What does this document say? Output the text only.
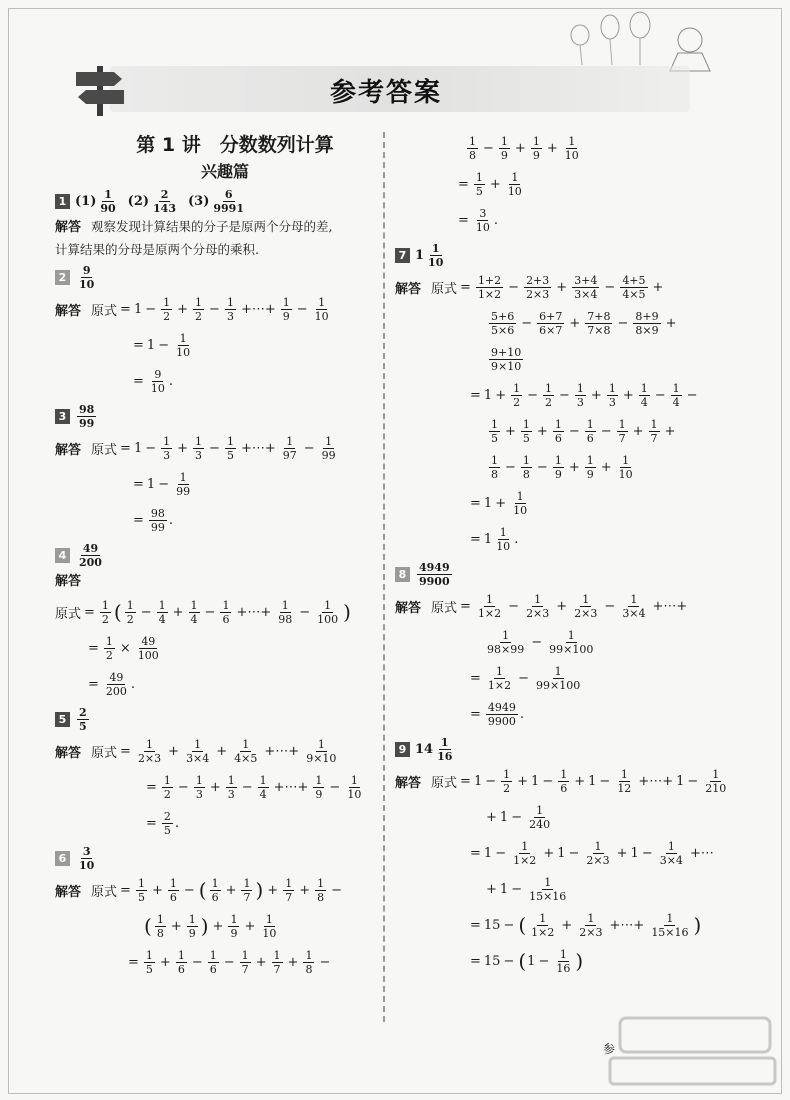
参考答案
第 1 讲　分数数列计算
兴趣篇
1 $(1) \frac{1}{90} (2) \frac{2}{143} (3) \frac{6}{9991}$
解答 观察发现计算结果的分子是原两个分母的差,
计算结果的分母是原两个分母的乘积.
$2 \frac{9}{10}$
解答 原式 = $1 - \frac{1}{2} + \frac{1}{2} - \frac{1}{3}$ +⋯+ $\frac{1}{9} - \frac{1}{10}$
= $1 - \frac{1}{10}$
= $\frac{9}{10}$ .
$3 \frac{98}{99}$
解答 原式 = $1 - \frac{1}{3} + \frac{1}{3} - \frac{1}{5}$ +⋯+ $\frac{1}{97} - \frac{1}{99}$
= $1 - \frac{1}{99}$
= $\frac{98}{99}$ .
$4 \frac{49}{200}$
解答
原式 = $\frac{1}{2}$ ( $\frac{1}{2} - \frac{1}{4} + \frac{1}{4} - \frac{1}{6}$ +⋯+ $\frac{1}{98} - \frac{1}{100}$ )
= $\frac{1}{2} \times \frac{49}{100}$
= $\frac{49}{200}$ .
$5 \frac{2}{5}$
解答 原式 = $\frac{1}{2\times 3} + \frac{1}{3\times 4} + \frac{1}{4\times 5}$ +⋯+ $\frac{1}{9\times 10}$
= $\frac{1}{2} - \frac{1}{3} + \frac{1}{3} - \frac{1}{4}$ +⋯+ $\frac{1}{9} - \frac{1}{10}$
= $\frac{2}{5}$ .
$6 \frac{3}{10}$
解答 原式 = $\frac{1}{5} + \frac{1}{6}$ − ( $\frac{1}{6} + \frac{1}{7}$ ) + $\frac{1}{7} + \frac{1}{8}$ −
( $\frac{1}{8} + \frac{1}{9}$ ) + $\frac{1}{9} + \frac{1}{10}$
= $\frac{1}{5} + \frac{1}{6} - \frac{1}{6} - \frac{1}{7} + \frac{1}{7} + \frac{1}{8}$ −
$\frac{1}{8} - \frac{1}{9} + \frac{1}{9} + \frac{1}{10}$
= $\frac{1}{5} + \frac{1}{10}$
= $\frac{3}{10}$ .
7 $1 \frac{1}{10}$
解答 原式 = $\frac{1+2}{1\times 2} - \frac{2+3}{2\times 3} + \frac{3+4}{3\times 4} - \frac{4+5}{4\times 5}$ +
$\frac{5+6}{5\times 6} - \frac{6+7}{6\times 7} + \frac{7+8}{7\times 8} - \frac{8+9}{8\times 9}$ +
$\frac{9+10}{9\times 10}$
= $1 + \frac{1}{2} - \frac{1}{2} - \frac{1}{3} + \frac{1}{3} + \frac{1}{4} - \frac{1}{4}$ −
$\frac{1}{5} + \frac{1}{5} + \frac{1}{6} - \frac{1}{6} - \frac{1}{7} + \frac{1}{7}$ +
$\frac{1}{8} - \frac{1}{8} - \frac{1}{9} + \frac{1}{9} + \frac{1}{10}$
= $1 + \frac{1}{10}$
= $1 \frac{1}{10}$ .
$8 \frac{4949}{9900}$
解答 原式 = $\frac{1}{1\times 2} - \frac{1}{2\times 3} + \frac{1}{2\times 3} - \frac{1}{3\times 4}$ +⋯+
$\frac{1}{98\times 99} - \frac{1}{99\times 100}$
= $\frac{1}{1\times 2} - \frac{1}{99\times 100}$
= $\frac{4949}{9900}$ .
9 $14 \frac{1}{16}$
解答 原式 = $1 - \frac{1}{2} + 1 - \frac{1}{6} + 1 - \frac{1}{12}$ +⋯+ $1 - \frac{1}{210}$
+ $1 - \frac{1}{240}$
= $1 - \frac{1}{1\times 2} + 1 - \frac{1}{2\times 3} + 1 - \frac{1}{3\times 4}$ +⋯
+ $1 - \frac{1}{15\times 16}$
= 15 − ( $\frac{1}{1\times 2} + \frac{1}{2\times 3}$ +⋯+ $\frac{1}{15\times 16}$ )
= 15 − ( $1 - \frac{1}{16}$ )
参
